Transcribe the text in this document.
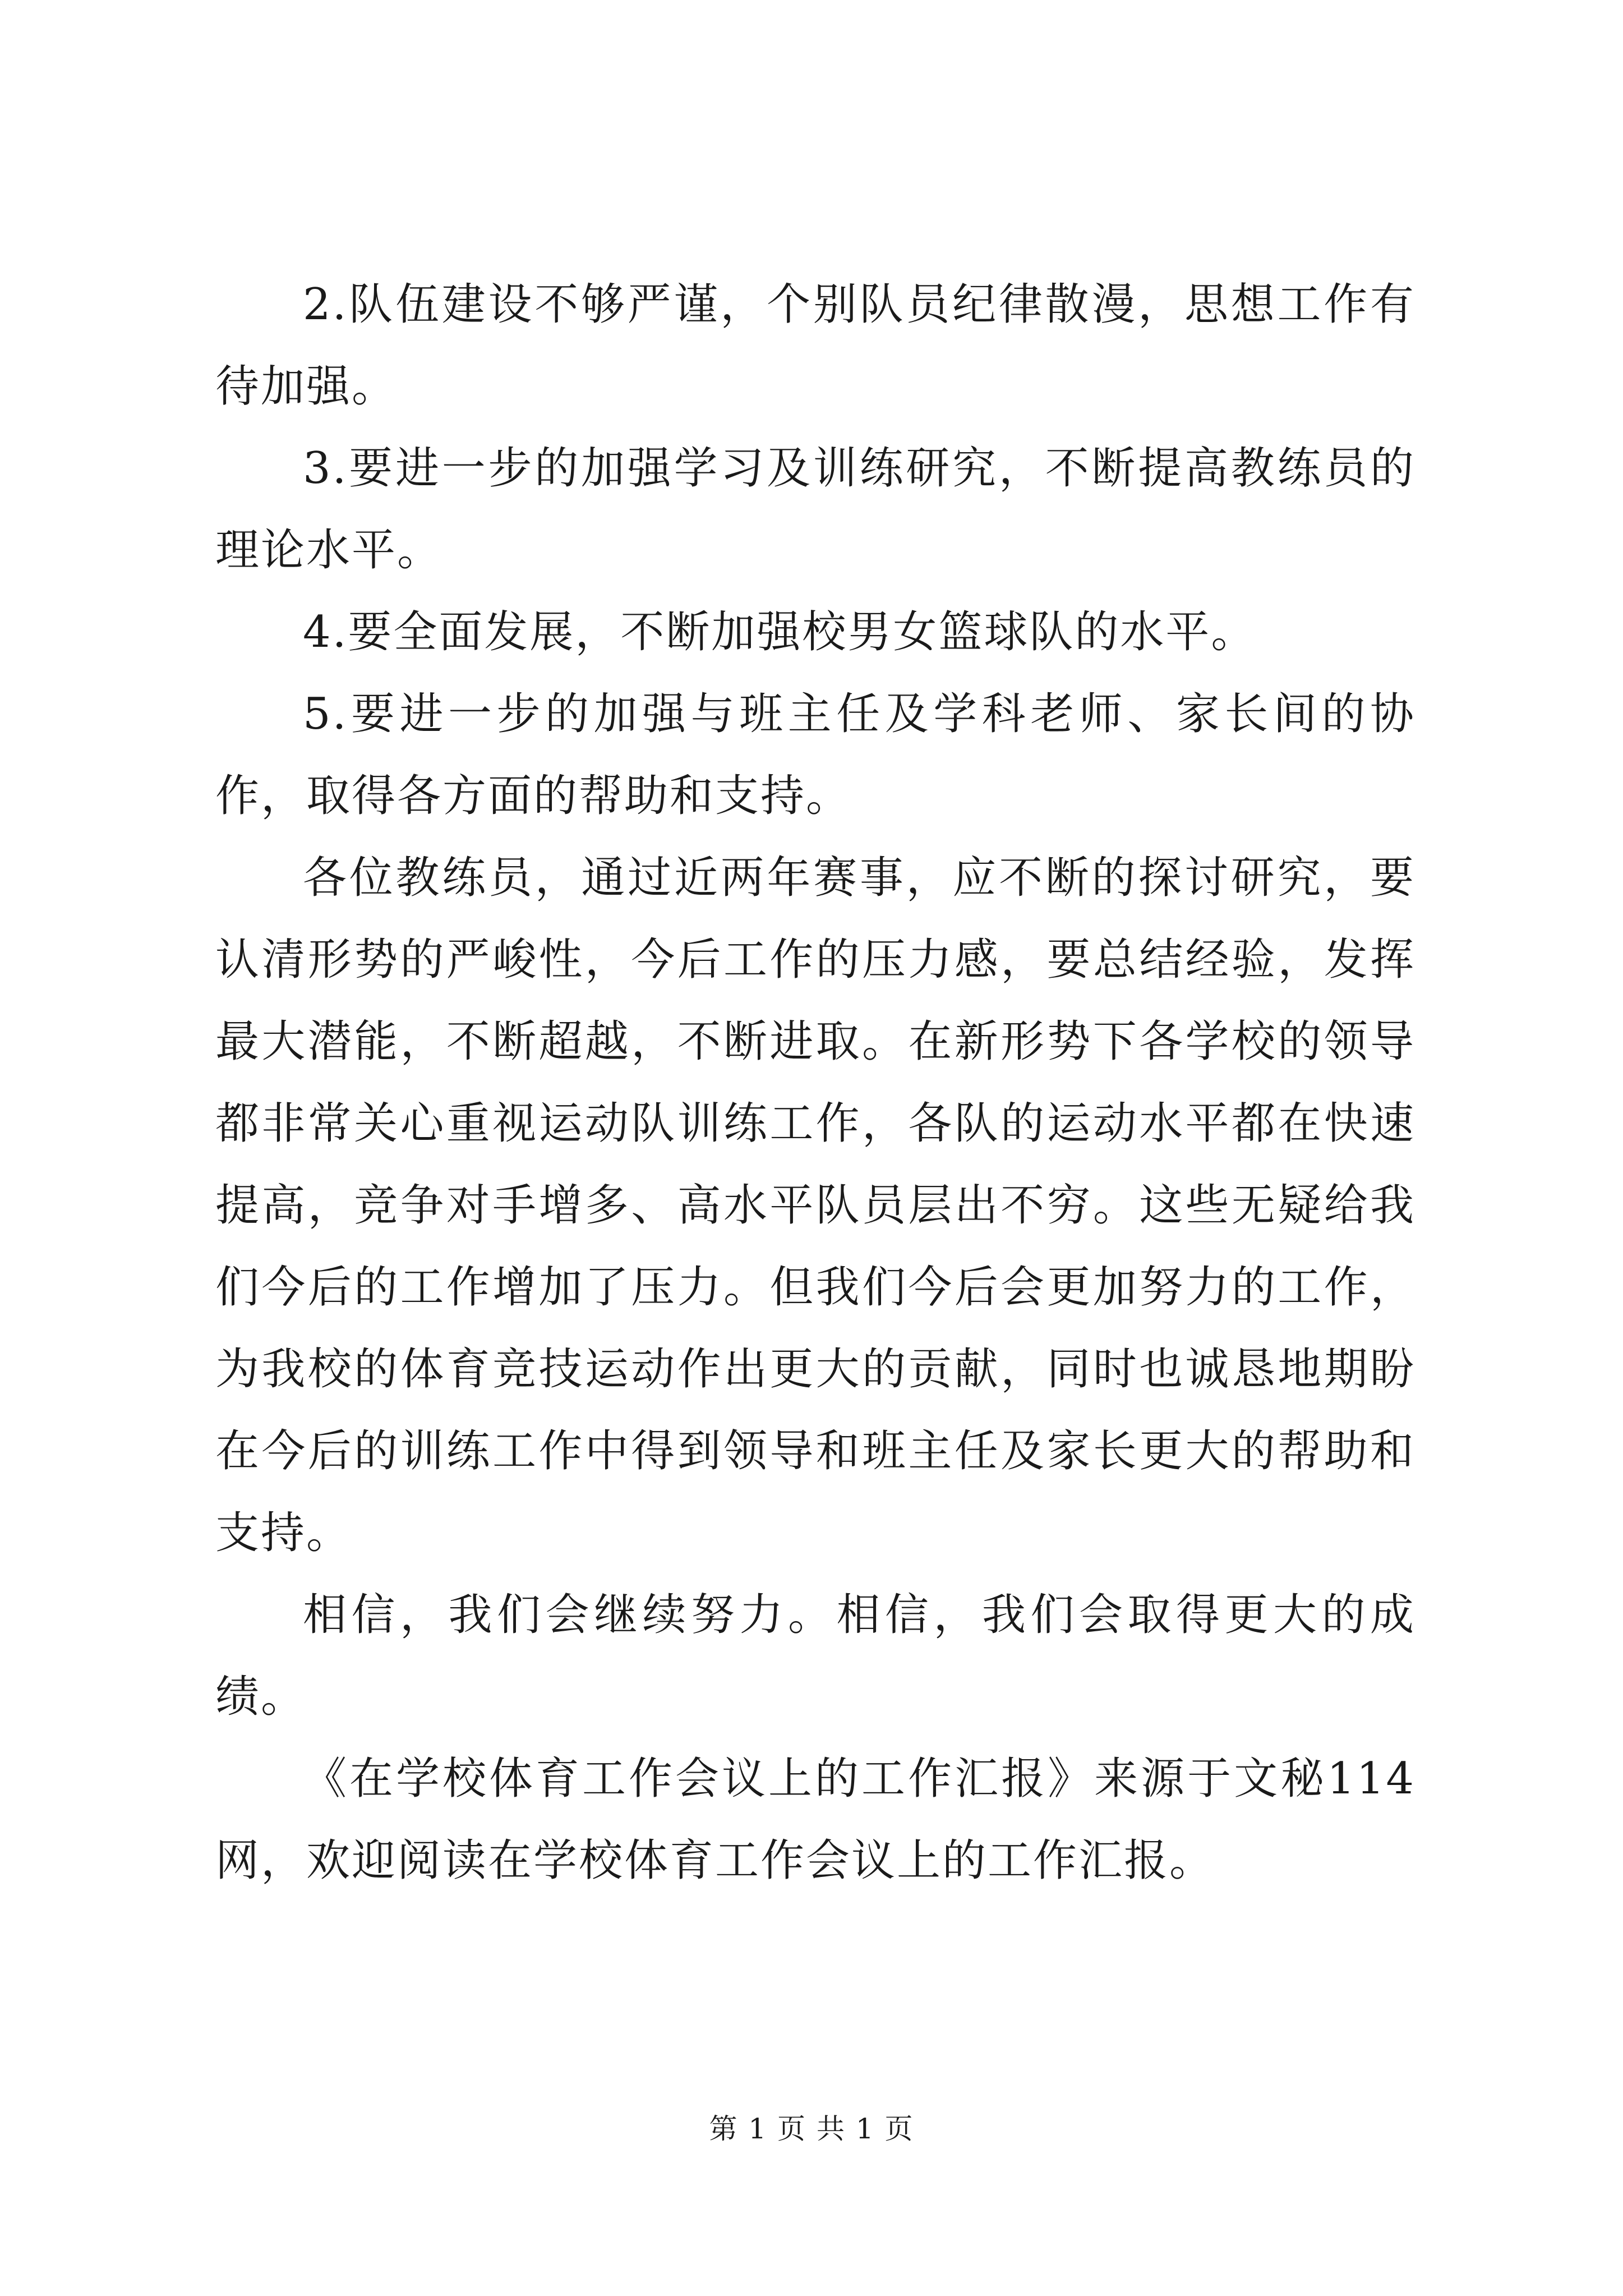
2.队伍建设不够严谨，个别队员纪律散漫，思想工作有待加强。

3.要进一步的加强学习及训练研究，不断提高教练员的理论水平。

4.要全面发展，不断加强校男女篮球队的水平。

5.要进一步的加强与班主任及学科老师、家长间的协作，取得各方面的帮助和支持。

各位教练员，通过近两年赛事，应不断的探讨研究，要认清形势的严峻性，今后工作的压力感，要总结经验，发挥最大潜能，不断超越，不断进取。在新形势下各学校的领导都非常关心重视运动队训练工作，各队的运动水平都在快速提高，竞争对手增多、高水平队员层出不穷。这些无疑给我们今后的工作增加了压力。但我们今后会更加努力的工作，为我校的体育竞技运动作出更大的贡献，同时也诚恳地期盼在今后的训练工作中得到领导和班主任及家长更大的帮助和支持。

相信，我们会继续努力。相信，我们会取得更大的成绩。

《在学校体育工作会议上的工作汇报》来源于文秘114网，欢迎阅读在学校体育工作会议上的工作汇报。

第 1 页 共 1 页
